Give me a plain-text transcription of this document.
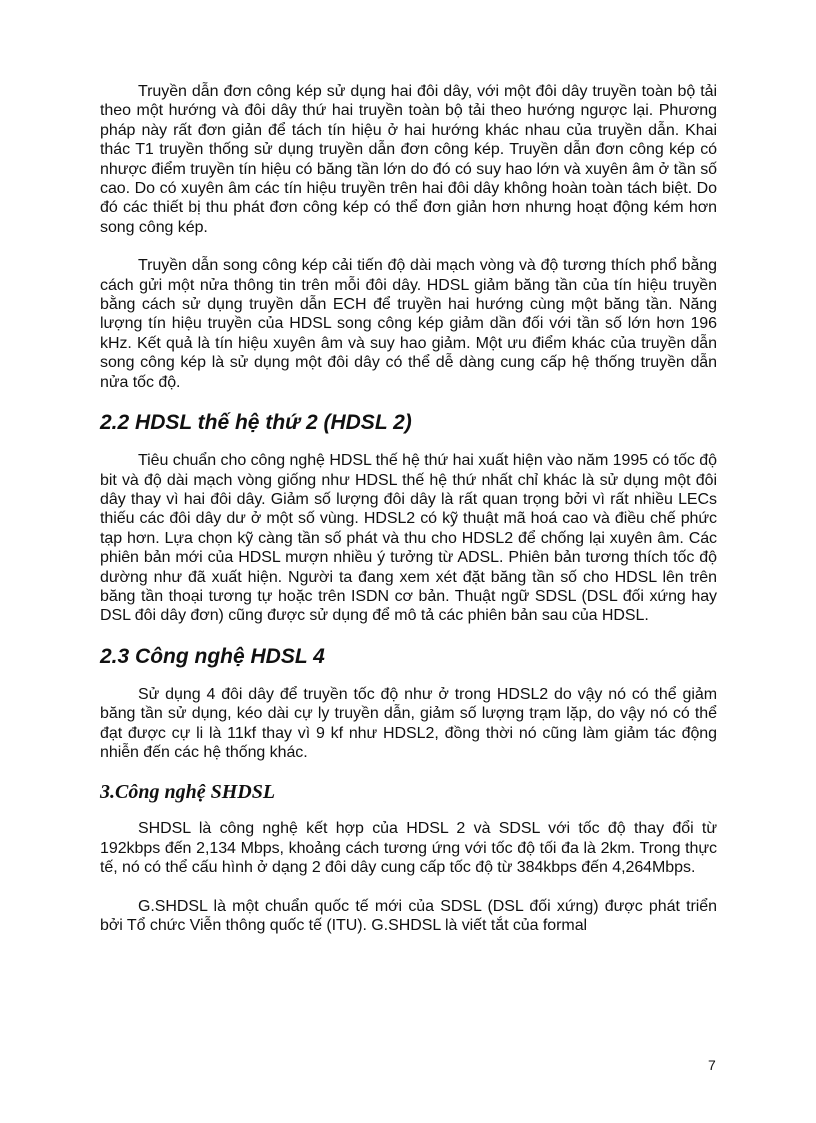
Truyền dẫn đơn công kép sử dụng hai đôi dây, với một đôi dây truyền toàn bộ tải theo một hướng và đôi dây thứ hai truyền toàn bộ tải theo hướng ngược lại. Phương pháp này rất đơn giản để tách tín hiệu ở hai hướng khác nhau của truyền dẫn. Khai thác T1 truyền thống sử dụng truyền dẫn đơn công kép. Truyền dẫn đơn công kép có nhược điểm truyền tín hiệu có băng tần lớn do đó có suy hao lớn và xuyên âm ở tần số cao. Do có xuyên âm các tín hiệu truyền trên hai đôi dây không hoàn toàn tách biệt. Do đó các thiết bị thu phát đơn công kép có thể đơn giản hơn nhưng hoạt động kém hơn song công kép.

Truyền dẫn song công kép cải tiến độ dài mạch vòng và độ tương thích phổ bằng cách gửi một nửa thông tin trên mỗi đôi dây. HDSL giảm băng tần của tín hiệu truyền bằng cách sử dụng truyền dẫn ECH để truyền hai hướng cùng một băng tần. Năng lượng tín hiệu truyền của HDSL song công kép giảm dần đối với tần số lớn hơn 196 kHz. Kết quả là tín hiệu xuyên âm và suy hao giảm. Một ưu điểm khác của truyền dẫn song công kép là sử dụng một đôi dây có thể dễ dàng cung cấp hệ thống truyền dẫn nửa tốc độ.

2.2 HDSL thế hệ thứ 2 (HDSL 2)

Tiêu chuẩn cho công nghệ HDSL thế hệ thứ hai xuất hiện vào năm 1995 có tốc độ bit và độ dài mạch vòng giống như HDSL thế hệ thứ nhất chỉ khác là sử dụng một đôi dây thay vì hai đôi dây. Giảm số lượng đôi dây là rất quan trọng bởi vì rất nhiều LECs thiếu các đôi dây dư ở một số vùng. HDSL2 có kỹ thuật mã hoá cao và điều chế phức tạp hơn. Lựa chọn kỹ càng tần số phát và thu cho HDSL2 để chống lại xuyên âm. Các phiên bản mới của HDSL mượn nhiều ý tưởng từ ADSL. Phiên bản tương thích tốc độ dường như đã xuất hiện. Người ta đang xem xét đặt băng tần số cho HDSL lên trên băng tần thoại tương tự hoặc trên ISDN cơ bản. Thuật ngữ SDSL (DSL đối xứng hay DSL đôi dây đơn) cũng được sử dụng để mô tả các phiên bản sau của HDSL.

2.3 Công nghệ HDSL 4

Sử dụng 4 đôi dây để truyền tốc độ như ở trong HDSL2 do vậy nó có thể giảm băng tần sử dụng, kéo dài cự ly truyền dẫn, giảm số lượng trạm lặp, do vậy nó có thể đạt được cự li là 11kf thay vì 9 kf như HDSL2, đồng thời nó cũng làm giảm tác động nhiễn đến các hệ thống khác.

3.Công nghệ SHDSL

SHDSL là công nghệ kết hợp của HDSL 2 và SDSL với tốc độ thay đổi từ 192kbps đến 2,134 Mbps, khoảng cách tương ứng với tốc độ tối đa là 2km. Trong thực tế, nó có thể cấu hình ở dạng 2 đôi dây cung cấp tốc độ từ 384kbps đến 4,264Mbps.

G.SHDSL là một chuẩn quốc tế mới của SDSL (DSL đối xứng) được phát triển bởi Tổ chức Viễn thông quốc tế (ITU). G.SHDSL là viết tắt của formal

7
